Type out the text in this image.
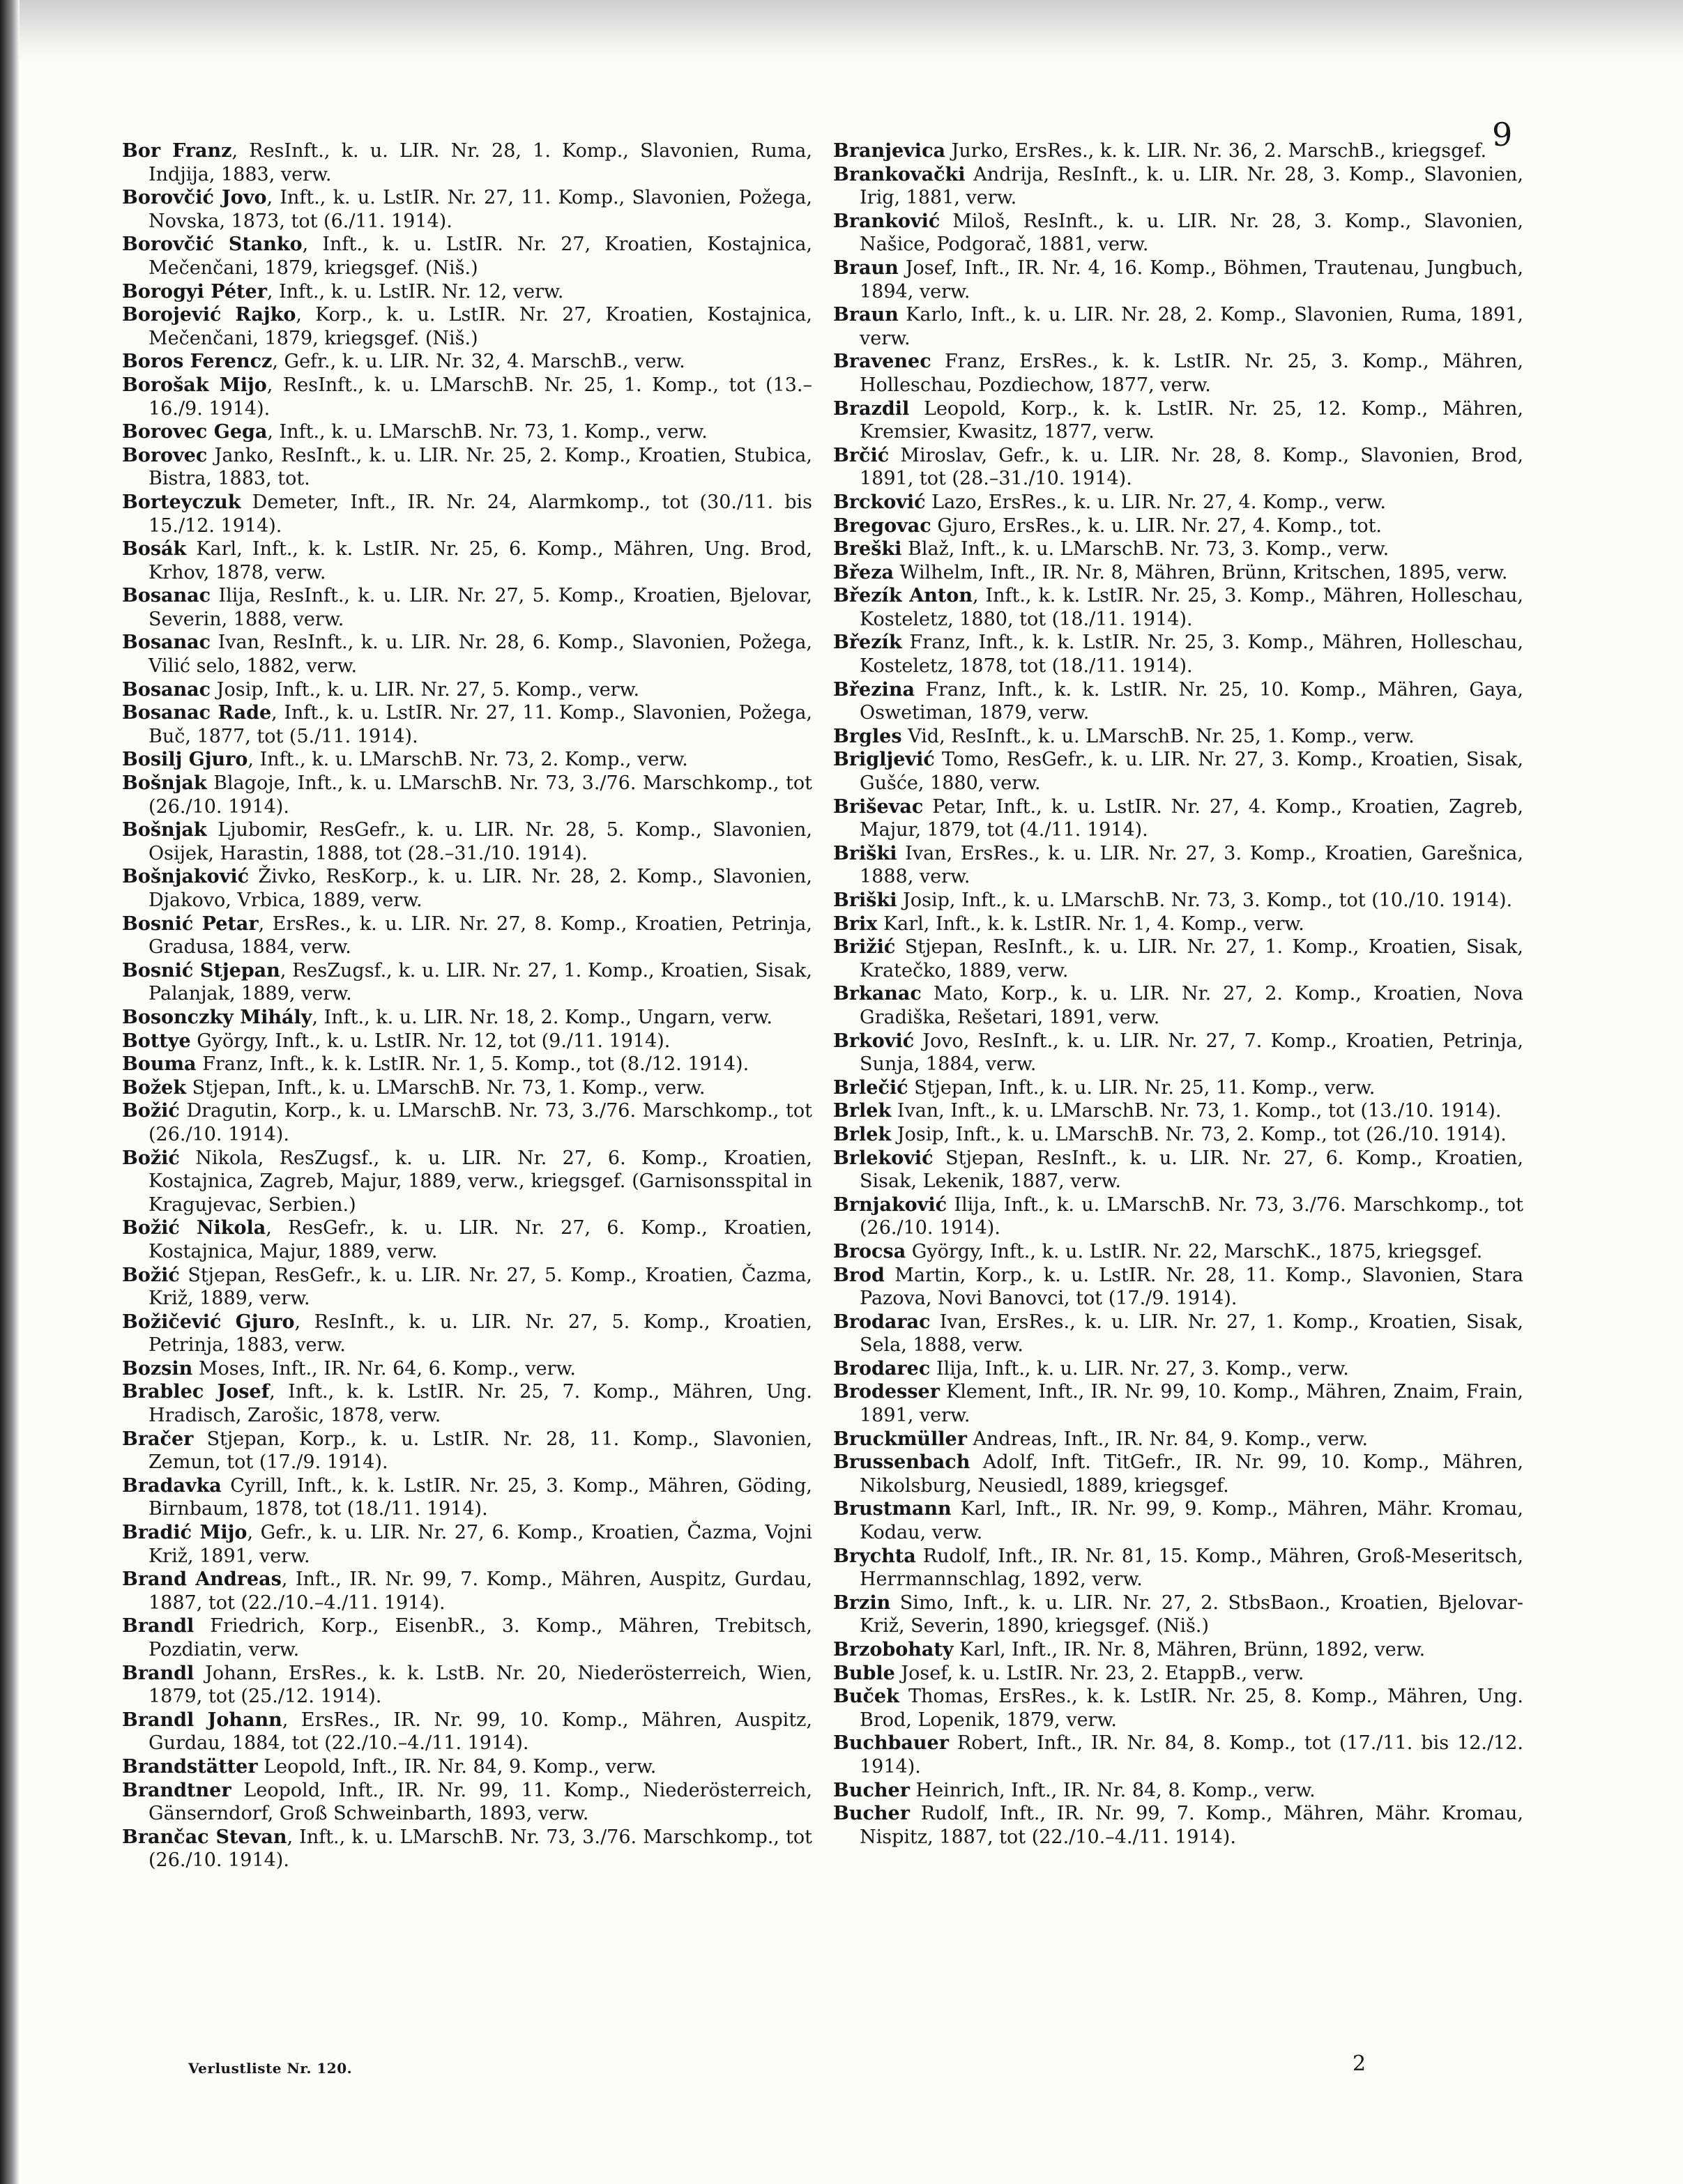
9

Bor Franz, ResInft., k. u. LIR. Nr. 28, 1. Komp., Slavonien, Ruma, Indjija, 1883, verw.

Borovčić Jovo, Inft., k. u. LstIR. Nr. 27, 11. Komp., Slavonien, Požega, Novska, 1873, tot (6./11. 1914).

Borovčić Stanko, Inft., k. u. LstIR. Nr. 27, Kroatien, Kostajnica, Mečenčani, 1879, kriegsgef. (Niš.)

Borogyi Péter, Inft., k. u. LstIR. Nr. 12, verw.

Borojević Rajko, Korp., k. u. LstIR. Nr. 27, Kroatien, Kostajnica, Mečenčani, 1879, kriegsgef. (Niš.)

Boros Ferencz, Gefr., k. u. LIR. Nr. 32, 4. MarschB., verw.

Borošak Mijo, ResInft., k. u. LMarschB. Nr. 25, 1. Komp., tot (13.–16./9. 1914).

Borovec Gega, Inft., k. u. LMarschB. Nr. 73, 1. Komp., verw.

Borovec Janko, ResInft., k. u. LIR. Nr. 25, 2. Komp., Kroatien, Stubica, Bistra, 1883, tot.

Borteyczuk Demeter, Inft., IR. Nr. 24, Alarmkomp., tot (30./11. bis 15./12. 1914).

Bosák Karl, Inft., k. k. LstIR. Nr. 25, 6. Komp., Mähren, Ung. Brod, Krhov, 1878, verw.

Bosanac Ilija, ResInft., k. u. LIR. Nr. 27, 5. Komp., Kroatien, Bjelovar, Severin, 1888, verw.

Bosanac Ivan, ResInft., k. u. LIR. Nr. 28, 6. Komp., Slavonien, Požega, Vilić selo, 1882, verw.

Bosanac Josip, Inft., k. u. LIR. Nr. 27, 5. Komp., verw.

Bosanac Rade, Inft., k. u. LstIR. Nr. 27, 11. Komp., Slavonien, Požega, Buč, 1877, tot (5./11. 1914).

Bosilj Gjuro, Inft., k. u. LMarschB. Nr. 73, 2. Komp., verw.

Bošnjak Blagoje, Inft., k. u. LMarschB. Nr. 73, 3./76. Marschkomp., tot (26./10. 1914).

Bošnjak Ljubomir, ResGefr., k. u. LIR. Nr. 28, 5. Komp., Slavonien, Osijek, Harastin, 1888, tot (28.–31./10. 1914).

Bošnjaković Živko, ResKorp., k. u. LIR. Nr. 28, 2. Komp., Slavonien, Djakovo, Vrbica, 1889, verw.

Bosnić Petar, ErsRes., k. u. LIR. Nr. 27, 8. Komp., Kroatien, Petrinja, Gradusa, 1884, verw.

Bosnić Stjepan, ResZugsf., k. u. LIR. Nr. 27, 1. Komp., Kroatien, Sisak, Palanjak, 1889, verw.

Bosonczky Mihály, Inft., k. u. LIR. Nr. 18, 2. Komp., Ungarn, verw.

Bottye György, Inft., k. u. LstIR. Nr. 12, tot (9./11. 1914).

Bouma Franz, Inft., k. k. LstIR. Nr. 1, 5. Komp., tot (8./12. 1914).

Božek Stjepan, Inft., k. u. LMarschB. Nr. 73, 1. Komp., verw.

Božić Dragutin, Korp., k. u. LMarschB. Nr. 73, 3./76. Marschkomp., tot (26./10. 1914).

Božić Nikola, ResZugsf., k. u. LIR. Nr. 27, 6. Komp., Kroatien, Kostajnica, Zagreb, Majur, 1889, verw., kriegsgef. (Garnisonsspital in Kragujevac, Serbien.)

Božić Nikola, ResGefr., k. u. LIR. Nr. 27, 6. Komp., Kroatien, Kostajnica, Majur, 1889, verw.

Božić Stjepan, ResGefr., k. u. LIR. Nr. 27, 5. Komp., Kroatien, Čazma, Križ, 1889, verw.

Božičević Gjuro, ResInft., k. u. LIR. Nr. 27, 5. Komp., Kroatien, Petrinja, 1883, verw.

Bozsin Moses, Inft., IR. Nr. 64, 6. Komp., verw.

Brablec Josef, Inft., k. k. LstIR. Nr. 25, 7. Komp., Mähren, Ung. Hradisch, Zarošic, 1878, verw.

Bračer Stjepan, Korp., k. u. LstIR. Nr. 28, 11. Komp., Slavonien, Zemun, tot (17./9. 1914).

Bradavka Cyrill, Inft., k. k. LstIR. Nr. 25, 3. Komp., Mähren, Göding, Birnbaum, 1878, tot (18./11. 1914).

Bradić Mijo, Gefr., k. u. LIR. Nr. 27, 6. Komp., Kroatien, Čazma, Vojni Križ, 1891, verw.

Brand Andreas, Inft., IR. Nr. 99, 7. Komp., Mähren, Auspitz, Gurdau, 1887, tot (22./10.–4./11. 1914).

Brandl Friedrich, Korp., EisenbR., 3. Komp., Mähren, Trebitsch, Pozdiatin, verw.

Brandl Johann, ErsRes., k. k. LstB. Nr. 20, Niederösterreich, Wien, 1879, tot (25./12. 1914).

Brandl Johann, ErsRes., IR. Nr. 99, 10. Komp., Mähren, Auspitz, Gurdau, 1884, tot (22./10.–4./11. 1914).

Brandstätter Leopold, Inft., IR. Nr. 84, 9. Komp., verw.

Brandtner Leopold, Inft., IR. Nr. 99, 11. Komp., Niederösterreich, Gänserndorf, Groß Schweinbarth, 1893, verw.

Brančac Stevan, Inft., k. u. LMarschB. Nr. 73, 3./76. Marschkomp., tot (26./10. 1914).

Branjevica Jurko, ErsRes., k. k. LIR. Nr. 36, 2. MarschB., kriegsgef.

Brankovački Andrija, ResInft., k. u. LIR. Nr. 28, 3. Komp., Slavonien, Irig, 1881, verw.

Branković Miloš, ResInft., k. u. LIR. Nr. 28, 3. Komp., Slavonien, Našice, Podgorač, 1881, verw.

Braun Josef, Inft., IR. Nr. 4, 16. Komp., Böhmen, Trautenau, Jungbuch, 1894, verw.

Braun Karlo, Inft., k. u. LIR. Nr. 28, 2. Komp., Slavonien, Ruma, 1891, verw.

Bravenec Franz, ErsRes., k. k. LstIR. Nr. 25, 3. Komp., Mähren, Holleschau, Pozdiechow, 1877, verw.

Brazdil Leopold, Korp., k. k. LstIR. Nr. 25, 12. Komp., Mähren, Kremsier, Kwasitz, 1877, verw.

Brčić Miroslav, Gefr., k. u. LIR. Nr. 28, 8. Komp., Slavonien, Brod, 1891, tot (28.–31./10. 1914).

Brcković Lazo, ErsRes., k. u. LIR. Nr. 27, 4. Komp., verw.

Bregovac Gjuro, ErsRes., k. u. LIR. Nr. 27, 4. Komp., tot.

Breški Blaž, Inft., k. u. LMarschB. Nr. 73, 3. Komp., verw.

Březa Wilhelm, Inft., IR. Nr. 8, Mähren, Brünn, Kritschen, 1895, verw.

Březík Anton, Inft., k. k. LstIR. Nr. 25, 3. Komp., Mähren, Holleschau, Kosteletz, 1880, tot (18./11. 1914).

Březík Franz, Inft., k. k. LstIR. Nr. 25, 3. Komp., Mähren, Holleschau, Kosteletz, 1878, tot (18./11. 1914).

Březina Franz, Inft., k. k. LstIR. Nr. 25, 10. Komp., Mähren, Gaya, Oswetiman, 1879, verw.

Brgles Vid, ResInft., k. u. LMarschB. Nr. 25, 1. Komp., verw.

Brigljević Tomo, ResGefr., k. u. LIR. Nr. 27, 3. Komp., Kroatien, Sisak, Gušće, 1880, verw.

Briševac Petar, Inft., k. u. LstIR. Nr. 27, 4. Komp., Kroatien, Zagreb, Majur, 1879, tot (4./11. 1914).

Briški Ivan, ErsRes., k. u. LIR. Nr. 27, 3. Komp., Kroatien, Garešnica, 1888, verw.

Briški Josip, Inft., k. u. LMarschB. Nr. 73, 3. Komp., tot (10./10. 1914).

Brix Karl, Inft., k. k. LstIR. Nr. 1, 4. Komp., verw.

Brižić Stjepan, ResInft., k. u. LIR. Nr. 27, 1. Komp., Kroatien, Sisak, Kratečko, 1889, verw.

Brkanac Mato, Korp., k. u. LIR. Nr. 27, 2. Komp., Kroatien, Nova Gradiška, Rešetari, 1891, verw.

Brković Jovo, ResInft., k. u. LIR. Nr. 27, 7. Komp., Kroatien, Petrinja, Sunja, 1884, verw.

Brlečić Stjepan, Inft., k. u. LIR. Nr. 25, 11. Komp., verw.

Brlek Ivan, Inft., k. u. LMarschB. Nr. 73, 1. Komp., tot (13./10. 1914).

Brlek Josip, Inft., k. u. LMarschB. Nr. 73, 2. Komp., tot (26./10. 1914).

Brleković Stjepan, ResInft., k. u. LIR. Nr. 27, 6. Komp., Kroatien, Sisak, Lekenik, 1887, verw.

Brnjaković Ilija, Inft., k. u. LMarschB. Nr. 73, 3./76. Marschkomp., tot (26./10. 1914).

Brocsa György, Inft., k. u. LstIR. Nr. 22, MarschK., 1875, kriegsgef.

Brod Martin, Korp., k. u. LstIR. Nr. 28, 11. Komp., Slavonien, Stara Pazova, Novi Banovci, tot (17./9. 1914).

Brodarac Ivan, ErsRes., k. u. LIR. Nr. 27, 1. Komp., Kroatien, Sisak, Sela, 1888, verw.

Brodarec Ilija, Inft., k. u. LIR. Nr. 27, 3. Komp., verw.

Brodesser Klement, Inft., IR. Nr. 99, 10. Komp., Mähren, Znaim, Frain, 1891, verw.

Bruckmüller Andreas, Inft., IR. Nr. 84, 9. Komp., verw.

Brussenbach Adolf, Inft. TitGefr., IR. Nr. 99, 10. Komp., Mähren, Nikolsburg, Neusiedl, 1889, kriegsgef.

Brustmann Karl, Inft., IR. Nr. 99, 9. Komp., Mähren, Mähr. Kromau, Kodau, verw.

Brychta Rudolf, Inft., IR. Nr. 81, 15. Komp., Mähren, Groß-Meseritsch, Herrmannschlag, 1892, verw.

Brzin Simo, Inft., k. u. LIR. Nr. 27, 2. StbsBaon., Kroatien, Bjelovar-Križ, Severin, 1890, kriegsgef. (Niš.)

Brzobohaty Karl, Inft., IR. Nr. 8, Mähren, Brünn, 1892, verw.

Buble Josef, k. u. LstIR. Nr. 23, 2. EtappB., verw.

Buček Thomas, ErsRes., k. k. LstIR. Nr. 25, 8. Komp., Mähren, Ung. Brod, Lopenik, 1879, verw.

Buchbauer Robert, Inft., IR. Nr. 84, 8. Komp., tot (17./11. bis 12./12. 1914).

Bucher Heinrich, Inft., IR. Nr. 84, 8. Komp., verw.

Bucher Rudolf, Inft., IR. Nr. 99, 7. Komp., Mähren, Mähr. Kromau, Nispitz, 1887, tot (22./10.–4./11. 1914).

Verlustliste Nr. 120.	2
